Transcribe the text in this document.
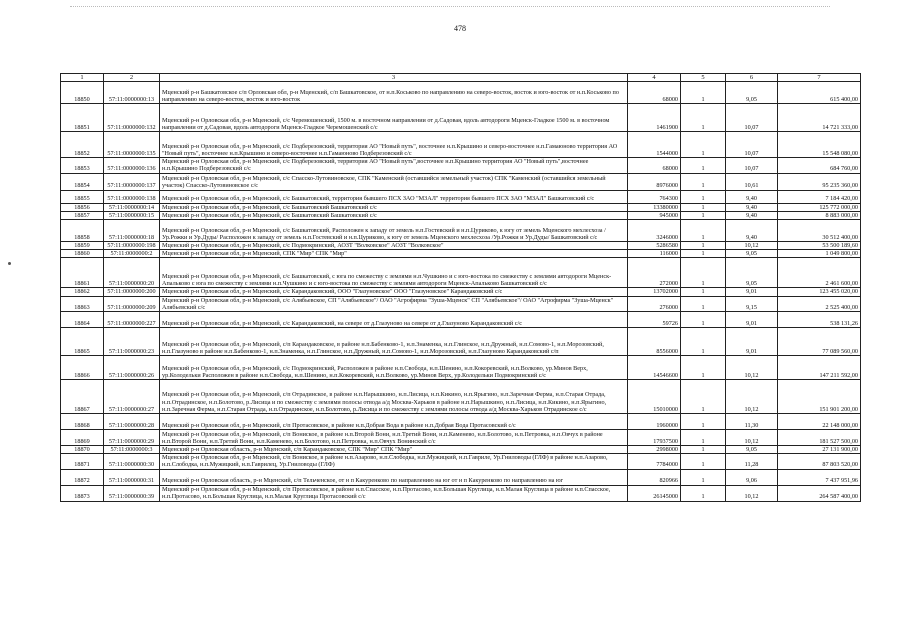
478
1	2	3	4	5	6	7
18850	57:11:0000000:13	Мценский р-н Башкатовское с/п Орловская обл, р-н Мценский, с/п Башкатовское, от н.п.Коськово по направлению на северо-восток, восток и юго-восток от н.п.Коськово по направлению на северо-восток, восток и юго-восток	68000	1	9,05	615 400,00
18851	57:11:0000000:132	Мценский р-н Орловская обл, р-н Мценский, с/с Черемошенский, 1500 м. в восточном направлении от д.Садовая, вдоль автодороги Мценск-Гладкое 1500 м. в восточном направлении от д.Садовая, вдоль автодороги Мценск-Гладкое Черемошенский с/с	1461900	1	10,07	14 721 333,00
18852	57:11:0000000:135	Мценский р-н Орловская обл, р-н Мценский, с/с Подберезовский, территория АО "Новый путь", восточнее н.п.Крышино и северо-восточнее н.п.Гамаюново территория АО "Новый путь", восточнее н.п.Крышино и северо-восточнее н.п.Гамаюново Подберезовский с/с	1544000	1	10,07	15 548 080,00
18853	57:11:0000000:136	Мценский р-н Орловская обл, р-н Мценский, с/с Подберезовский, территория АО "Новый путь",восточнее н.п.Крышино территория АО "Новый путь",восточнее н.п.Крышино Подберезовский с/с	68000	1	10,07	684 760,00
18854	57:11:0000000:137	Мценский р-н Орловская обл, р-н Мценский, с/с Спасско-Лутовиновское, СПК "Каменский (оставшийся земельный участок) СПК "Каменский (оставшийся земельный участок) Спасско-Лутовиновское с/с	8976000	1	10,61	95 235 360,00
18855	57:11:0000000:138	Мценский р-н Орловская обл, р-н Мценский, с/с Башкатовский, территория бывшего ПСХ ЗАО "МЗАЛ" территория бывшего ПСХ ЗАО "МЗАЛ" Башкатовский с/с	764300	1	9,40	7 184 420,00
18856	57:11:0000000:14	Мценский р-н Орловская обл, р-н Мценский, с/с Башкатовский Башкатовский с/с	13380000	1	9,40	125 772 000,00
18857	57:11:0000000:15	Мценский р-н Орловская обл, р-н Мценский, с/с Башкатовский Башкатовский с/с	945000	1	9,40	8 883 000,00
18858	57:11:0000000:18	Мценский р-н Орловская обл, р-н Мценский, с/с Башкатовский, Расположен к западу от земель н.п.Гостевский и н.п.Цуриково, к югу от земель Мценского мехлесхоза /Ур.Рожки и Ур.Дуды/ Расположен к западу от земель н.п.Гостевский и н.п.Цуриково, к югу от земель Мценского мехлесхоза /Ур.Рожки и Ур.Дуды/ Башкатовский с/с	3246000	1	9,40	30 512 400,00
18859	57:11:0000000:198	Мценский р-н Орловская обл, р-н Мценский, с/с Подмокринский, АОЗТ "Волковское" АОЗТ "Волковское"	5286580	1	10,12	53 500 189,60
18860	57:11:0000000:2	Мценский р-н Орловская обл, р-н Мценский, СПК "Мир" СПК "Мир"	116000	1	9,05	1 049 800,00
18861	57:11:0000000:20	Мценский р-н Орловская обл, р-н Мценский, с/с Башкатовский, с юга по смежеству с землями н.п.Чушкино и с юго-востока по смежеству с землями автодороги Мценск-Апальково с юга по смежеству с землями н.п.Чушкино и с юго-востока по смежеству с землями автодороги Мценск-Апальково Башкатовский с/с	272000	1	9,05	2 461 600,00
18862	57:11:0000000:200	Мценский р-н Орловская обл, р-н Мценский, с/с Карандаковский, ООО "Глазуновское" ООО "Глазуновское" Карандаковский с/с	13702000	1	9,01	123 455 020,00
18863	57:11:0000000:209	Мценский р-н Орловская обл, р-н Мценский, с/с Алябьевское, СП "Алябьевское"/ ОАО "Агрофирма "Зуша-Мценск" СП "Алябьевское"/ ОАО "Агрофирма "Зуша-Мценск" Алябьевский с/с	276000	1	9,15	2 525 400,00
18864	57:11:0000000:227	Мценский р-н Орловская обл, р-н Мценский, с/с Карандаковский, на севере от д.Глазуново на севере от д.Глазуново Карандаковский с/с	59726	1	9,01	538 131,26
18865	57:11:0000000:23	Мценский р-н Орловская обл, р-н Мценский, с/п Карандаковское, в районе н.п.Бабенково-1, н.п.Знаменка, н.п.Глинское, н.п.Дружный, н.п.Сомово-1, н.п.Морозовский, н.п.Глазуново в районе н.п.Бабенково-1, н.п.Знаменка, н.п.Глинское, н.п.Дружный, н.п.Сомово-1, н.п.Морозовский, н.п.Глазуново Карандаковский с/п	8556000	1	9,01	77 089 560,00
18866	57:11:0000000:26	Мценский р-н Орловская обл, р-н Мценский, с/с Подмокринский, Расположен в районе н.п.Свобода, н.п.Шенино, н.п.Кокоревский, н.п.Волково, ур.Минов Верх, ур.Колодельки Расположен в районе н.п.Свобода, н.п.Шенино, н.п.Кокоревский, н.п.Волково, ур.Минов Верх, ур.Колодельки Подмокринский с/с	14546600	1	10,12	147 211 592,00
18867	57:11:0000000:27	Мценский р-н Орловская обл, р-н Мценский, с/п Отрадинское, в районе н.п.Нарышкино, н.п.Лисица, н.п.Кикино, н.п.Ярыгино, н.п.Заречная Ферма, н.п.Старая Отрада, н.п.Отрадинское, н.п.Болотово, р.Лисица и по смежеству с землями полосы отвода а/д Москва-Харьков в районе н.п.Нарышкино, н.п.Лисица, н.п.Кикино, н.п.Ярыгино, н.п.Заречная Ферма, н.п.Старая Отрада, н.п.Отрадинское, н.п.Болотово, р.Лисица и по смежеству с землями полосы отвода а/д Москва-Харьков Отрадинское с/с	15010000	1	10,12	151 901 200,00
18868	57:11:0000000:28	Мценский р-н Орловская обл, р-н Мценский, с/п Протасовское, в районе н.п.Добрая Вода в районе н.п.Добрая Вода Протасовский с/с	1960000	1	11,30	22 148 000,00
18869	57:11:0000000:29	Мценский р-н Орловская обл, р-н Мценский, с/п Вониское, в районе н.п.Второй Вони, н.п.Третий Вони, н.п.Каменево, н.п.Болотово, н.п.Петровка, н.п.Овчух в районе н.п.Второй Вони, н.п.Третий Вони, н.п.Каменево, н.п.Болотово, н.п.Петровка, н.п.Овчух Вонинский с/с	17937500	1	10,12	181 527 500,00
18870	57:11:0000000:3	Мценский р-н Орловская область, р-н Мценский, с/п Карандаковское, СПК "Мир" СПК "Мир"	2998000	1	9,05	27 131 900,00
18871	57:11:0000000:30	Мценский р-н Орловская обл, р-н Мценский, с/п Вониское, в районе н.п.Азарово, н.п.Слободка, н.п.Мужицкий, н.п.Гавриле, Ур.Гниловоды (ГЛФ) в районе н.п.Азарово, н.п.Слободка, н.п.Мужицкий, н.п.Гаврилец, Ур.Гниловоды (ГЛФ)	7784000	1	11,28	87 803 520,00
18872	57:11:0000000:31	Мценский р-н Орловская область, р-н Мценский, с/п Тельченское, от н п Какуренково по направлению на юг от н п Какуренково по направлению на юг	820966	1	9,06	7 437 951,96
18873	57:11:0000000:39	Мценский р-н Орловская обл, р-н Мценский, с/п Протасовское, в районе н.п.Спасское, н.п.Протасово, н.п.Большая Круглица, н.п.Малая Круглица в районе н.п.Спасское, н.п.Протасово, н.п.Большая Круглица, н.п.Малая Круглица Протасовский с/с	26145000	1	10,12	264 587 400,00
